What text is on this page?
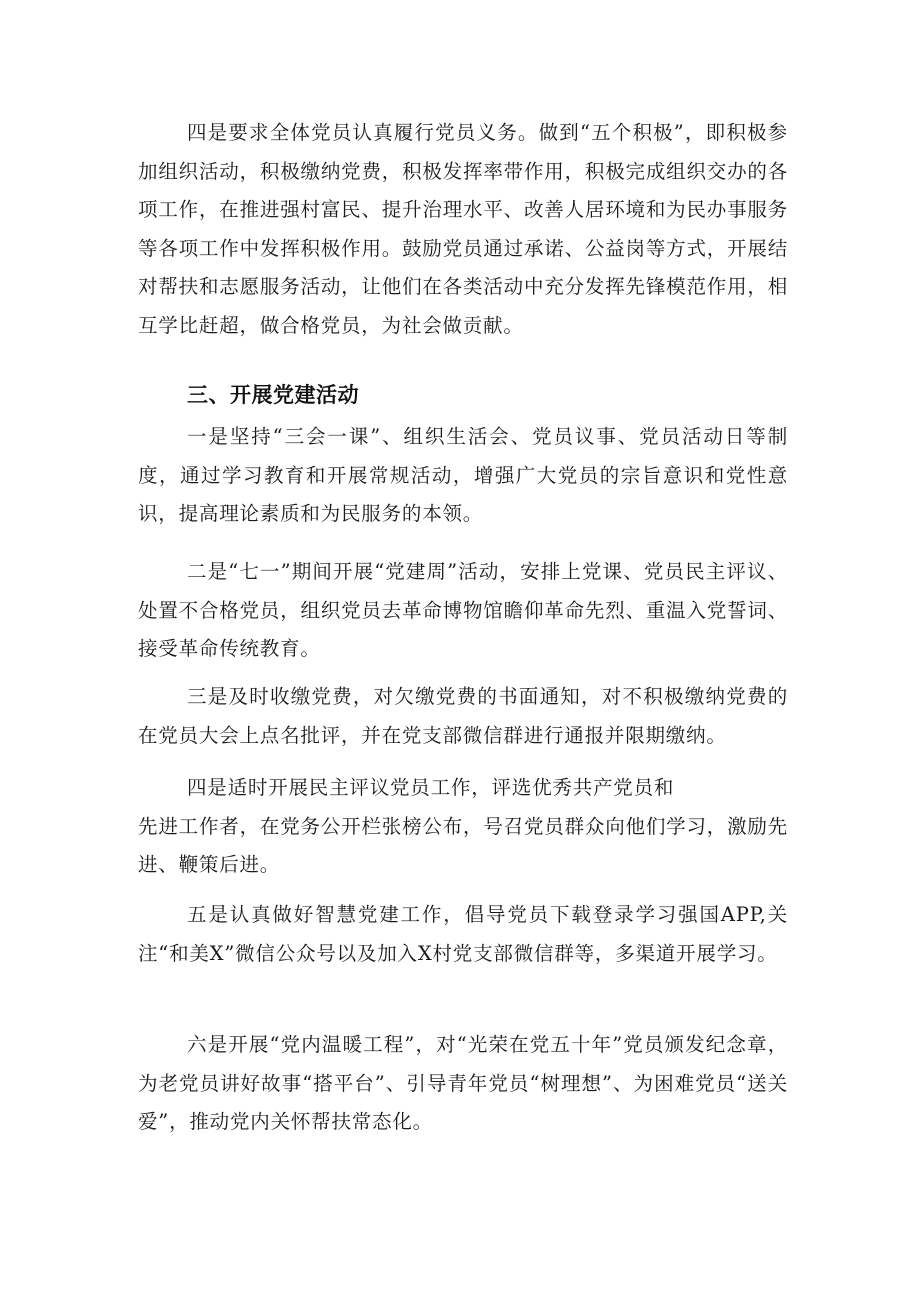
四是要求全体党员认真履行党员义务。做到“五个积极”，即积极参加组织活动，积极缴纳党费，积极发挥率带作用，积极完成组织交办的各项工作，在推进强村富民、提升治理水平、改善人居环境和为民办事服务等各项工作中发挥积极作用。鼓励党员通过承诺、公益岗等方式，开展结对帮扶和志愿服务活动，让他们在各类活动中充分发挥先锋模范作用，相互学比赶超，做合格党员，为社会做贡献。

三、开展党建活动

一是坚持“三会一课”、组织生活会、党员议事、党员活动日等制度，通过学习教育和开展常规活动，增强广大党员的宗旨意识和党性意识，提高理论素质和为民服务的本领。

二是“七一”期间开展“党建周”活动，安排上党课、党员民主评议、处置不合格党员，组织党员去革命博物馆瞻仰革命先烈、重温入党誓词、接受革命传统教育。

三是及时收缴党费，对欠缴党费的书面通知，对不积极缴纳党费的在党员大会上点名批评，并在党支部微信群进行通报并限期缴纳。

四是适时开展民主评议党员工作，评选优秀共产党员和
先进工作者，在党务公开栏张榜公布，号召党员群众向他们学习，激励先进、鞭策后进。

五是认真做好智慧党建工作，倡导党员下载登录学习强国APP,关注“和美X”微信公众号以及加入X村党支部微信群等，多渠道开展学习。

六是开展“党内温暖工程”，对“光荣在党五十年”党员颁发纪念章，为老党员讲好故事“搭平台”、引导青年党员“树理想”、为困难党员“送关爱”，推动党内关怀帮扶常态化。
